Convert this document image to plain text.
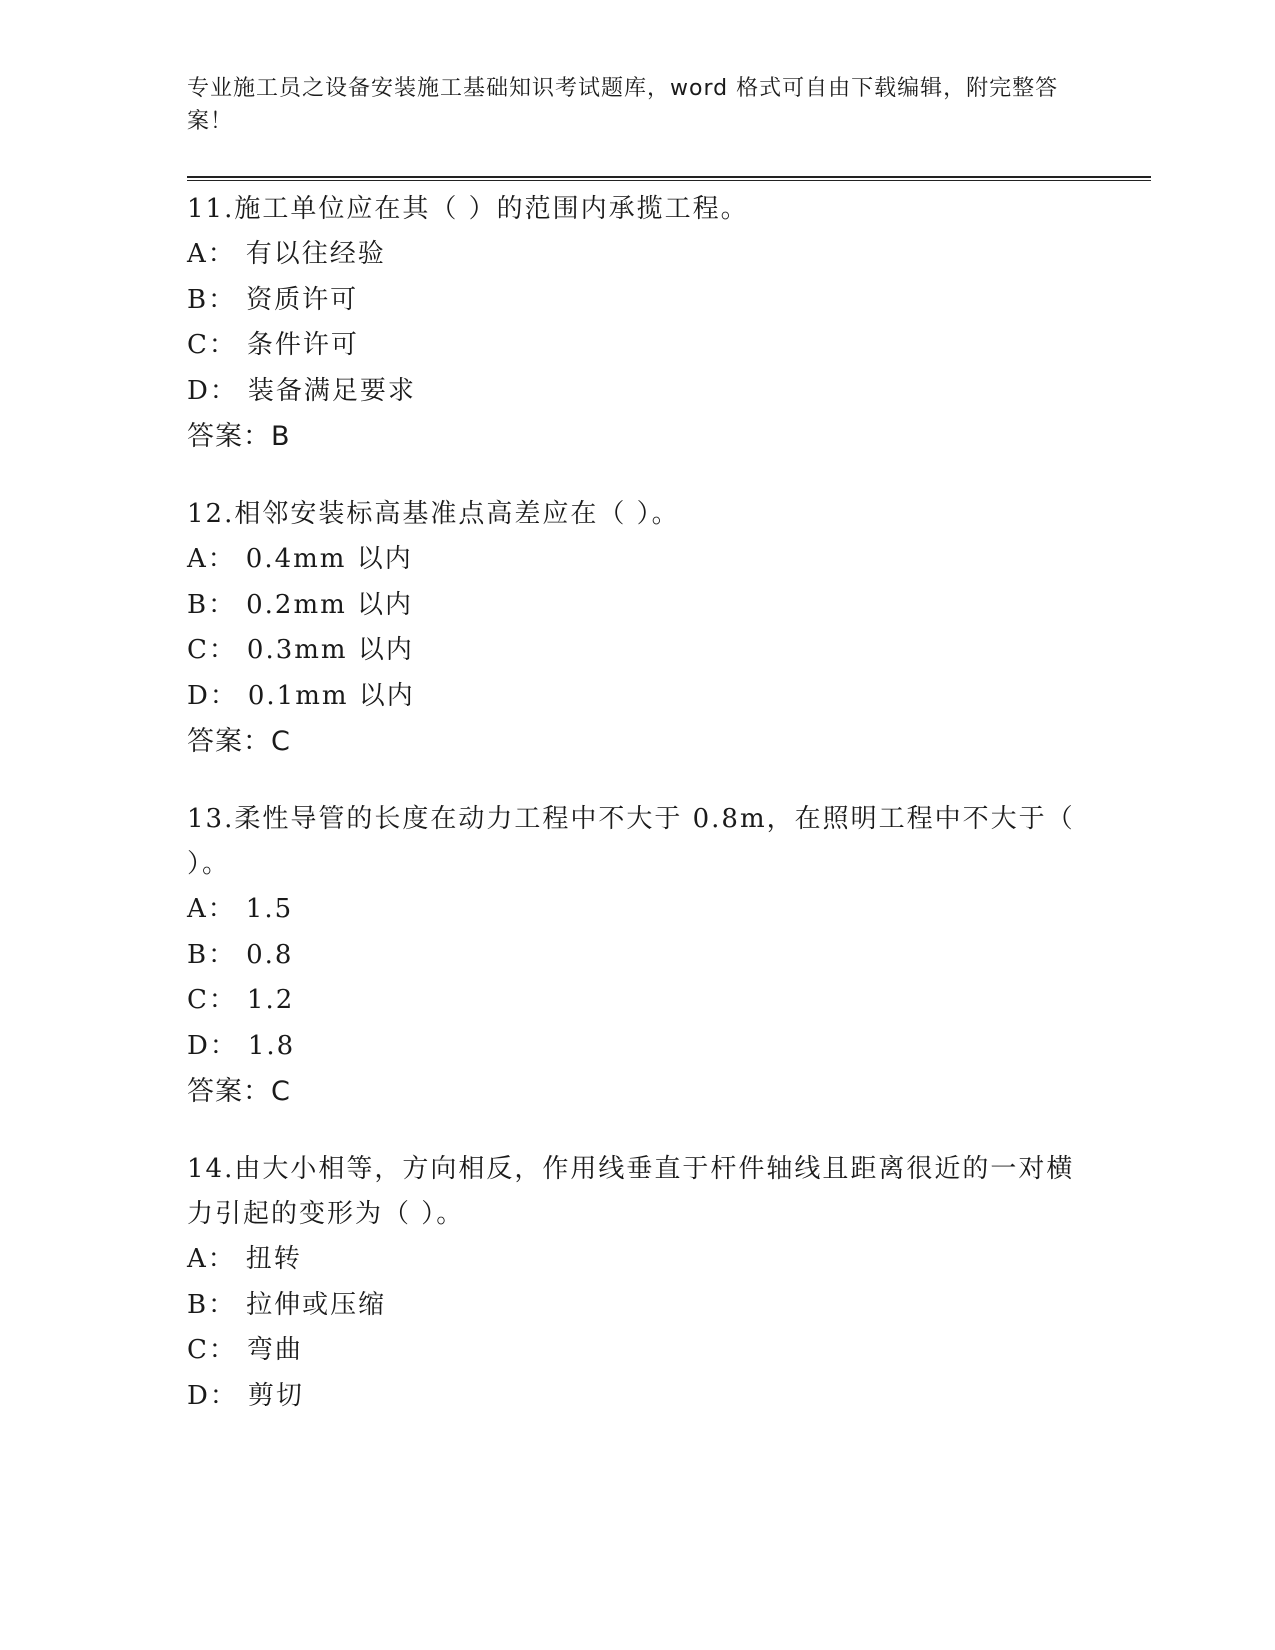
专业施工员之设备安装施工基础知识考试题库，word 格式可自由下载编辑，附完整答案！
11.施工单位应在其（ ）的范围内承揽工程。
A： 有以往经验
B： 资质许可
C： 条件许可
D： 装备满足要求
答案：B
12.相邻安装标高基准点高差应在（ ）。
A： 0.4mm 以内
B： 0.2mm 以内
C： 0.3mm 以内
D： 0.1mm 以内
答案：C
13.柔性导管的长度在动力工程中不大于 0.8m，在照明工程中不大于（ ）。
A： 1.5
B： 0.8
C： 1.2
D： 1.8
答案：C
14.由大小相等，方向相反，作用线垂直于杆件轴线且距离很近的一对横力引起的变形为（ ）。
A： 扭转
B： 拉伸或压缩
C： 弯曲
D： 剪切
